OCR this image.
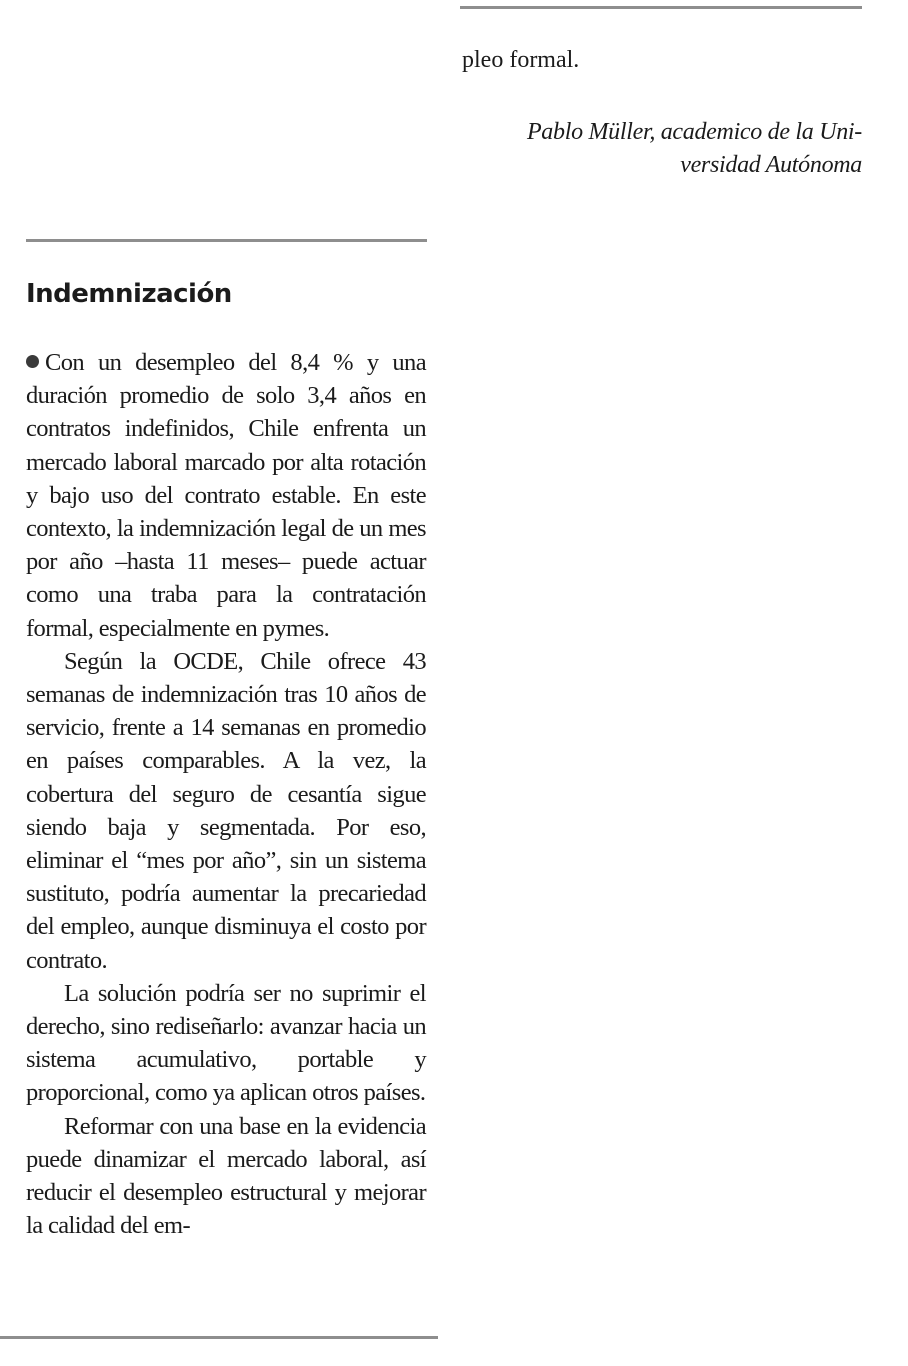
pleo formal.

Pablo Müller, academico de la Uni-
versidad Autónoma
Indemnización

Con un desempleo del 8,4 % y una duración promedio de solo 3,4 años en contratos indefinidos, Chile enfrenta un mercado laboral marcado por alta rotación y bajo uso del contrato estable. En este contexto, la indemnización legal de un mes por año –hasta 11 meses– puede actuar como una traba para la contratación formal, especialmente en pymes.

Según la OCDE, Chile ofrece 43 semanas de indemnización tras 10 años de servicio, frente a 14 semanas en promedio en países comparables. A la vez, la cobertura del seguro de cesantía sigue siendo baja y segmentada. Por eso, eliminar el “mes por año”, sin un sistema sustituto, podría aumentar la precariedad del empleo, aunque disminuya el costo por contrato.

La solución podría ser no suprimir el derecho, sino rediseñarlo: avanzar hacia un sistema acumulativo, portable y proporcional, como ya aplican otros países.

Reformar con una base en la evidencia puede dinamizar el mercado laboral, así reducir el desempleo estructural y mejorar la calidad del em-
